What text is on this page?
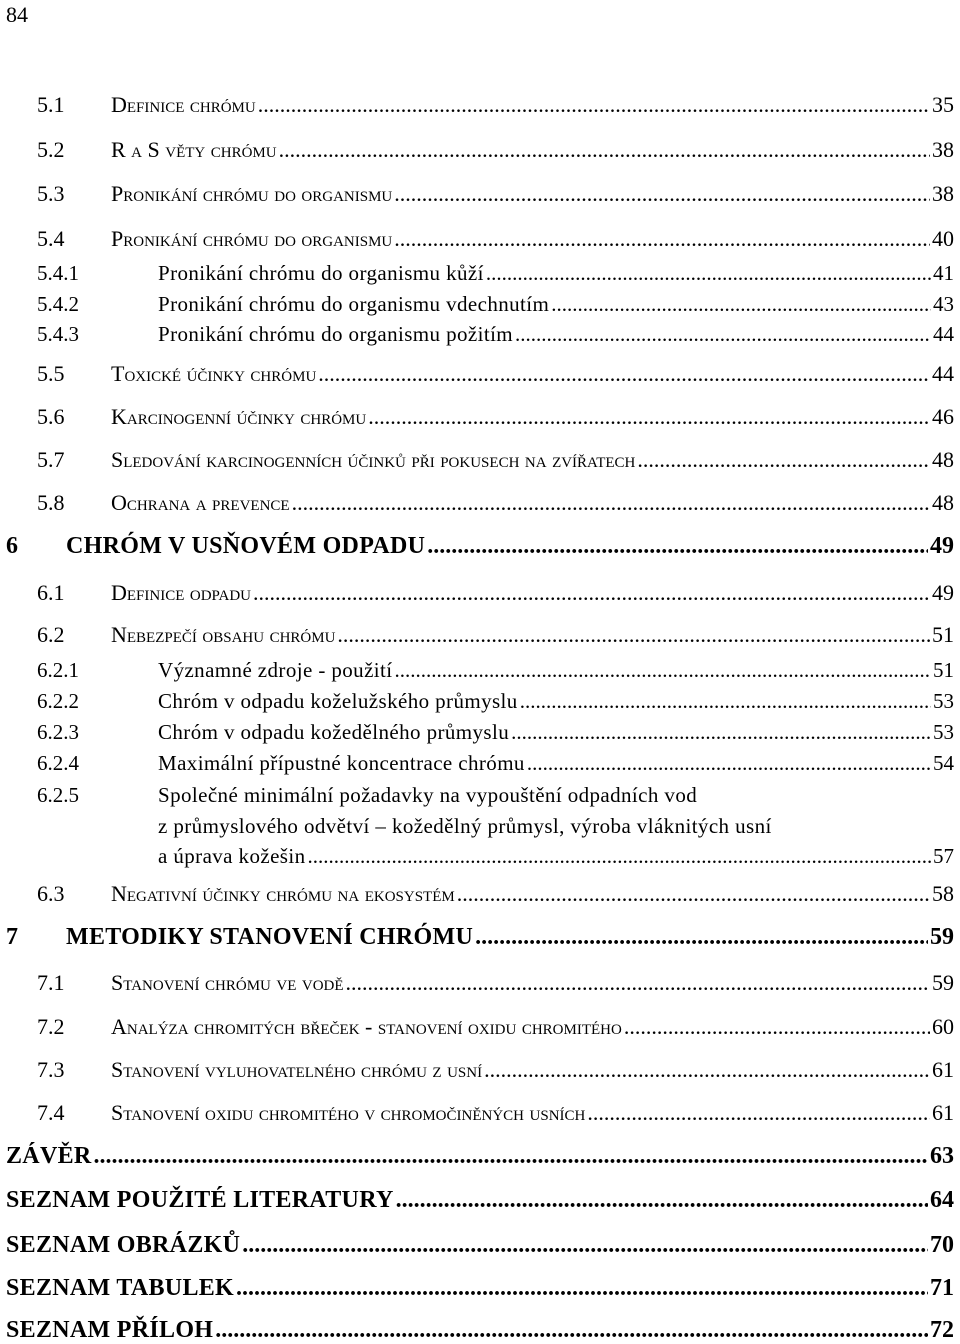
84
5.1	Definice chrómu .....	35
5.2	R a S věty chrómu .....	38
5.3	Pronikání chrómu do organismu .....	38
5.4	Pronikání chrómu do organismu .....	40
5.4.1	Pronikání chrómu do organismu kůží .....	41
5.4.2	Pronikání chrómu do organismu vdechnutím .....	43
5.4.3	Pronikání chrómu do organismu požitím .....	44
5.5	Toxické účinky chrómu .....	44
5.6	Karcinogenní účinky chrómu .....	46
5.7	Sledování karcinogenních účinků při pokusech na zvířatech .....	48
5.8	Ochrana a prevence .....	48
6	CHRÓM V USŇOVÉM ODPADU .....	49
6.1	Definice odpadu .....	49
6.2	Nebezpečí obsahu chrómu .....	51
6.2.1	Významné zdroje - použití .....	51
6.2.2	Chróm v odpadu koželužského průmyslu .....	53
6.2.3	Chróm v odpadu kožedělného průmyslu .....	53
6.2.4	Maximální přípustné koncentrace chrómu .....	54
6.2.5	Společné minimální požadavky na vypouštění odpadních vod
z průmyslového odvětví – kožedělný průmysl, výroba vláknitých usní
a úprava kožešin .....	57
6.3	Negativní účinky chrómu na ekosystém .....	58
7	METODIKY STANOVENÍ CHRÓMU .....	59
7.1	Stanovení chrómu ve vodě .....	59
7.2	Analýza chromitých břeček - stanovení oxidu chromitého .....	60
7.3	Stanovení vyluhovatelného chrómu z usní .....	61
7.4	Stanovení oxidu chromitého v chromočiněných usních .....	61
ZÁVĚR .....	63
SEZNAM POUŽITÉ LITERATURY .....	64
SEZNAM OBRÁZKŮ .....	70
SEZNAM TABULEK .....	71
SEZNAM PŘÍLOH .....	72
